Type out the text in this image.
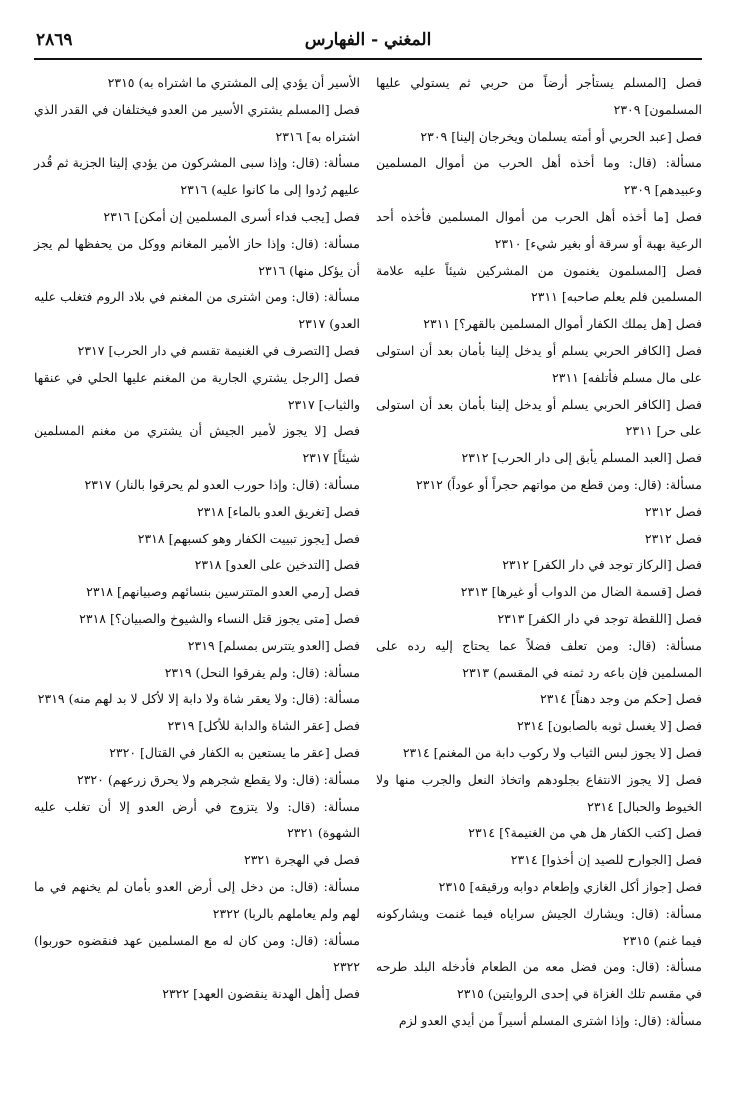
المغني - الفهارس
٢٨٦٩

فصل [المسلم يستأجر أرضاً من حربي ثم يستولي عليها المسلمون] ٢٣٠٩

فصل [عبد الحربي أو أمته يسلمان ويخرجان إلينا] ٢٣٠٩

مسألة: (قال: وما أخذه أهل الحرب من أموال المسلمين وعبيدهم] ٢٣٠٩

فصل [ما أخذه أهل الحرب من أموال المسلمين فأخذه أحد الرعية بهبة أو سرقة أو بغير شيء] ٢٣١٠

فصل [المسلمون يغنمون من المشركين شيئاً عليه علامة المسلمين فلم يعلم صاحبه] ٢٣١١

فصل [هل يملك الكفار أموال المسلمين بالقهر؟] ٢٣١١

فصل [الكافر الحربي يسلم أو يدخل إلينا بأمان بعد أن استولى على مال مسلم فأتلفه] ٢٣١١

فصل [الكافر الحربي يسلم أو يدخل إلينا بأمان بعد أن استولى على حر] ٢٣١١

فصل [العبد المسلم يأبق إلى دار الحرب] ٢٣١٢

مسألة: (قال: ومن قطع من مواتهم حجراً أو عوداً) ٢٣١٢

فصل ٢٣١٢

فصل ٢٣١٢

فصل [الركاز توجد في دار الكفر] ٢٣١٢

فصل [قسمة الضال من الدواب أو غيرها] ٢٣١٣

فصل [اللقطة توجد في دار الكفر] ٢٣١٣

مسألة: (قال: ومن تعلف فضلاً عما يحتاج إليه رده على المسلمين فإن باعه رد ثمنه في المقسم) ٢٣١٣

فصل [حكم من وجد دهناً] ٢٣١٤

فصل [لا يغسل ثوبه بالصابون] ٢٣١٤

فصل [لا يجوز لبس الثياب ولا ركوب دابة من المغنم] ٢٣١٤

فصل [لا يجوز الانتفاع بجلودهم واتخاذ النعل والجرب منها ولا الخيوط والحبال] ٢٣١٤

فصل [كتب الكفار هل هي من الغنيمة؟] ٢٣١٤

فصل [الجوارح للصيد إن أخذوا] ٢٣١٤

فصل [جواز أكل الغازي وإطعام دوابه ورقيقه] ٢٣١٥

مسألة: (قال: ويشارك الجيش سراياه فيما غنمت ويشاركونه فيما غنم) ٢٣١٥

مسألة: (قال: ومن فضل معه من الطعام فأدخله البلد طرحه في مقسم تلك الغزاة في إحدى الروايتين) ٢٣١٥

مسألة: (قال: وإذا اشترى المسلم أسيراً من أيدي العدو لزم

الأسير أن يؤدي إلى المشتري ما اشتراه به) ٢٣١٥

فصل [المسلم يشتري الأسير من العدو فيختلفان في القدر الذي اشتراه به] ٢٣١٦

مسألة: (قال: وإذا سبى المشركون من يؤدي إلينا الجزية ثم قُدر عليهم رُدوا إلى ما كانوا عليه) ٢٣١٦

فصل [يجب فداء أسرى المسلمين إن أمكن] ٢٣١٦

مسألة: (قال: وإذا حاز الأمير المغانم ووكل من يحفظها لم يجز أن يؤكل منها) ٢٣١٦

مسألة: (قال: ومن اشترى من المغنم في بلاد الروم فتغلب عليه العدو) ٢٣١٧

فصل [التصرف في الغنيمة تقسم في دار الحرب] ٢٣١٧

فصل [الرجل يشتري الجارية من المغنم عليها الحلي في عنقها والثياب] ٢٣١٧

فصل [لا يجوز لأمير الجيش أن يشتري من مغنم المسلمين شيئاً] ٢٣١٧

مسألة: (قال: وإذا حورب العدو لم يحرقوا بالنار) ٢٣١٧

فصل [تغريق العدو بالماء] ٢٣١٨

فصل [يجوز تبييت الكفار وهو كسبهم] ٢٣١٨

فصل [التدخين على العدو] ٢٣١٨

فصل [رمي العدو المتترسين بنسائهم وصبيانهم] ٢٣١٨

فصل [متى يجوز قتل النساء والشيوخ والصبيان؟] ٢٣١٨

فصل [العدو يتترس بمسلم] ٢٣١٩

مسألة: (قال: ولم يفرقوا النحل) ٢٣١٩

مسألة: (قال: ولا يعقر شاة ولا دابة إلا لأكل لا بد لهم منه) ٢٣١٩

فصل [عقر الشاة والدابة للأكل] ٢٣١٩

فصل [عقر ما يستعين به الكفار في القتال] ٢٣٢٠

مسألة: (قال: ولا يقطع شجرهم ولا يحرق زرعهم) ٢٣٢٠

مسألة: (قال: ولا يتزوج في أرض العدو إلا أن تغلب عليه الشهوة) ٢٣٢١

فصل في الهجرة ٢٣٢١

مسألة: (قال: من دخل إلى أرض العدو بأمان لم يخنهم في ما لهم ولم يعاملهم بالربا) ٢٣٢٢

مسألة: (قال: ومن كان له مع المسلمين عهد فنقضوه حوربوا) ٢٣٢٢

فصل [أهل الهدنة ينقضون العهد] ٢٣٢٢
